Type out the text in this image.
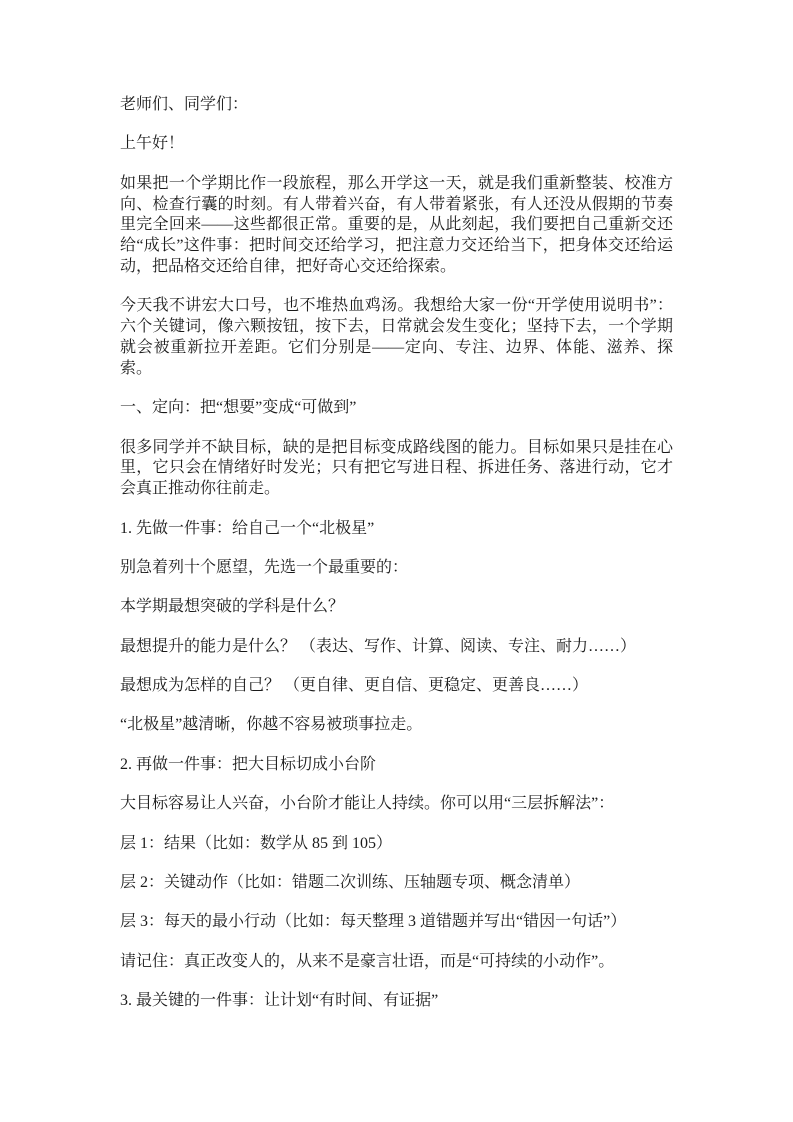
老师们、同学们：

上午好！

如果把一个学期比作一段旅程，那么开学这一天，就是我们重新整装、校准方向、检查行囊的时刻。有人带着兴奋，有人带着紧张，有人还没从假期的节奏里完全回来——这些都很正常。重要的是，从此刻起，我们要把自己重新交还给“成长”这件事：把时间交还给学习，把注意力交还给当下，把身体交还给运动，把品格交还给自律，把好奇心交还给探索。

今天我不讲宏大口号，也不堆热血鸡汤。我想给大家一份“开学使用说明书”：六个关键词，像六颗按钮，按下去，日常就会发生变化；坚持下去，一个学期就会被重新拉开差距。它们分别是——定向、专注、边界、体能、滋养、探索。

一、定向：把“想要”变成“可做到”

很多同学并不缺目标，缺的是把目标变成路线图的能力。目标如果只是挂在心里，它只会在情绪好时发光；只有把它写进日程、拆进任务、落进行动，它才会真正推动你往前走。

1. 先做一件事：给自己一个“北极星”

别急着列十个愿望，先选一个最重要的：

本学期最想突破的学科是什么？

最想提升的能力是什么？ （表达、写作、计算、阅读、专注、耐力……）

最想成为怎样的自己？ （更自律、更自信、更稳定、更善良……）

“北极星”越清晰，你越不容易被琐事拉走。

2. 再做一件事：把大目标切成小台阶

大目标容易让人兴奋，小台阶才能让人持续。你可以用“三层拆解法”：

层 1：结果（比如：数学从 85 到 105）

层 2：关键动作（比如：错题二次训练、压轴题专项、概念清单）

层 3：每天的最小行动（比如：每天整理 3 道错题并写出“错因一句话”）

请记住：真正改变人的，从来不是豪言壮语，而是“可持续的小动作”。

3. 最关键的一件事：让计划“有时间、有证据”
